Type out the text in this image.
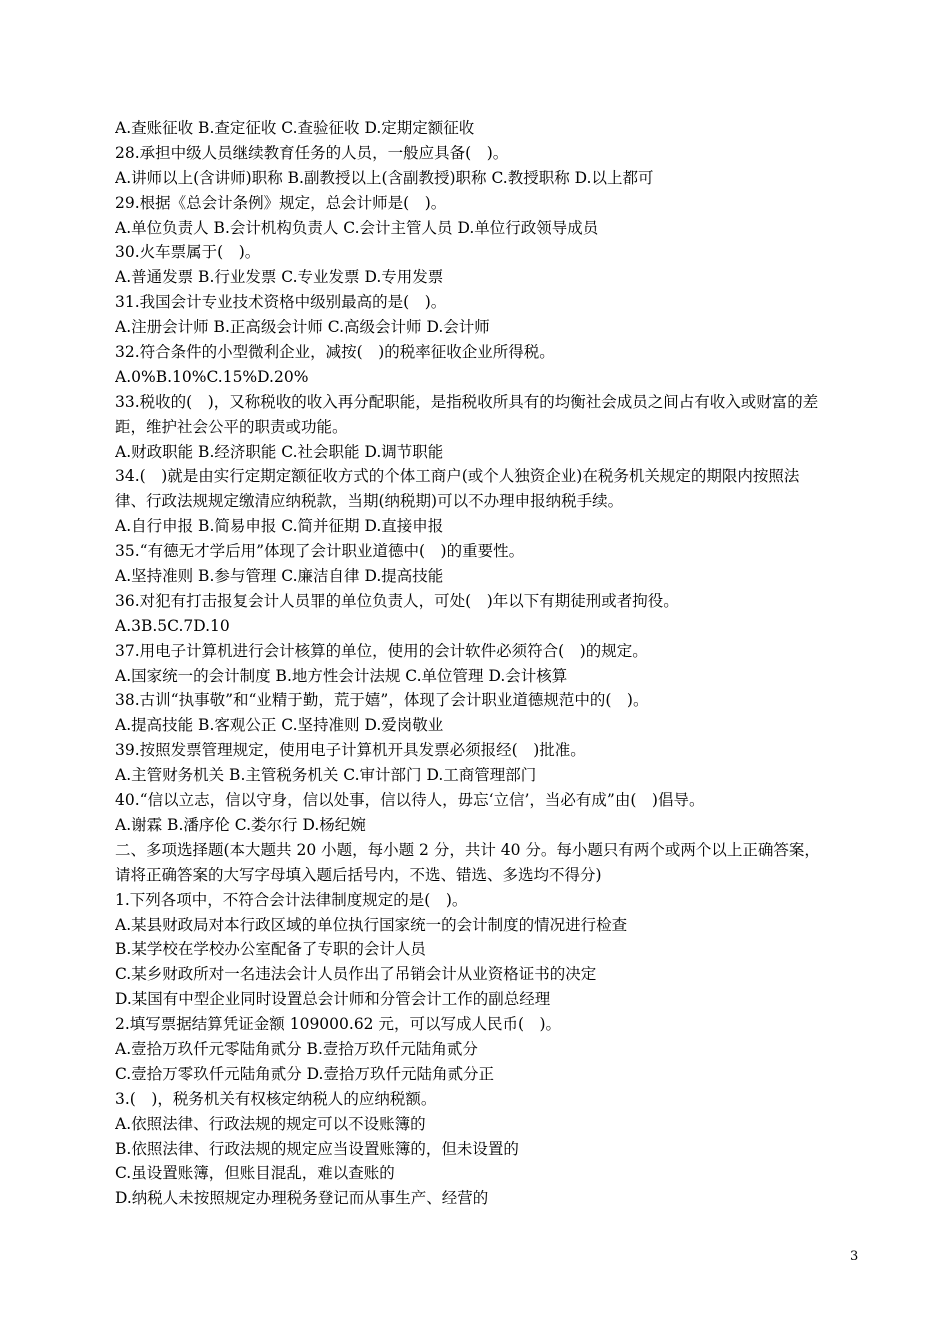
A.查账征收 B.查定征收 C.查验征收 D.定期定额征收
28.承担中级人员继续教育任务的人员，一般应具备(　)。
A.讲师以上(含讲师)职称 B.副教授以上(含副教授)职称 C.教授职称 D.以上都可
29.根据《总会计条例》规定，总会计师是(　)。
A.单位负责人 B.会计机构负责人 C.会计主管人员 D.单位行政领导成员
30.火车票属于(　)。
A.普通发票 B.行业发票 C.专业发票 D.专用发票
31.我国会计专业技术资格中级别最高的是(　)。
A.注册会计师 B.正高级会计师 C.高级会计师 D.会计师
32.符合条件的小型微利企业，减按(　)的税率征收企业所得税。
A.0%B.10%C.15%D.20%
33.税收的(　)，又称税收的收入再分配职能，是指税收所具有的均衡社会成员之间占有收入或财富的差
距，维护社会公平的职责或功能。
A.财政职能 B.经济职能 C.社会职能 D.调节职能
34.(　)就是由实行定期定额征收方式的个体工商户(或个人独资企业)在税务机关规定的期限内按照法
律、行政法规规定缴清应纳税款，当期(纳税期)可以不办理申报纳税手续。
A.自行申报 B.简易申报 C.简并征期 D.直接申报
35.“有德无才学后用”体现了会计职业道德中(　)的重要性。
A.坚持准则 B.参与管理 C.廉洁自律 D.提高技能
36.对犯有打击报复会计人员罪的单位负责人，可处(　)年以下有期徒刑或者拘役。
A.3B.5C.7D.10
37.用电子计算机进行会计核算的单位，使用的会计软件必须符合(　)的规定。
A.国家统一的会计制度 B.地方性会计法规 C.单位管理 D.会计核算
38.古训“执事敬”和“业精于勤，荒于嬉”，体现了会计职业道德规范中的(　)。
A.提高技能 B.客观公正 C.坚持准则 D.爱岗敬业
39.按照发票管理规定，使用电子计算机开具发票必须报经(　)批准。
A.主管财务机关 B.主管税务机关 C.审计部门 D.工商管理部门
40.“信以立志，信以守身，信以处事，信以待人，毋忘‘立信’，当必有成”由(　)倡导。
A.谢霖 B.潘序伦 C.娄尔行 D.杨纪婉
二、多项选择题(本大题共 20 小题，每小题 2 分，共计 40 分。每小题只有两个或两个以上正确答案，
请将正确答案的大写字母填入题后括号内，不选、错选、多选均不得分)
1.下列各项中，不符合会计法律制度规定的是(　)。
A.某县财政局对本行政区域的单位执行国家统一的会计制度的情况进行检查
B.某学校在学校办公室配备了专职的会计人员
C.某乡财政所对一名违法会计人员作出了吊销会计从业资格证书的决定
D.某国有中型企业同时设置总会计师和分管会计工作的副总经理
2.填写票据结算凭证金额 109000.62 元，可以写成人民币(　)。
A.壹拾万玖仟元零陆角贰分 B.壹拾万玖仟元陆角贰分
C.壹拾万零玖仟元陆角贰分 D.壹拾万玖仟元陆角贰分正
3.(　)，税务机关有权核定纳税人的应纳税额。
A.依照法律、行政法规的规定可以不设账簿的
B.依照法律、行政法规的规定应当设置账簿的，但未设置的
C.虽设置账簿，但账目混乱，难以查账的
D.纳税人未按照规定办理税务登记而从事生产、经营的
3
